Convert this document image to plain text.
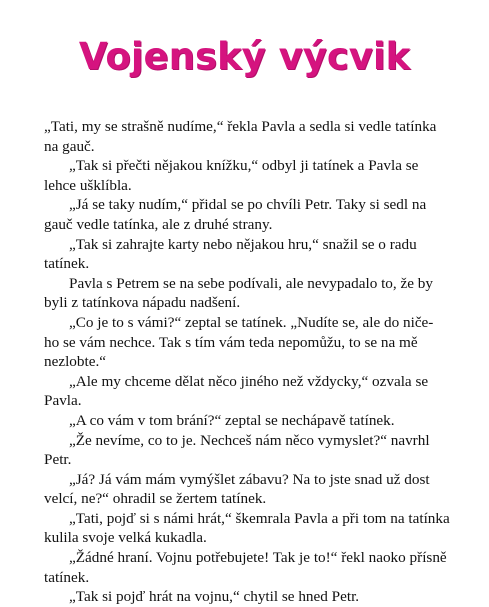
Vojenský výcvik

„Tati, my se strašně nudíme,“ řekla Pavla a sedla si vedle tatínka

na gauč.

„Tak si přečti nějakou knížku,“ odbyl ji tatínek a Pavla se

lehce ušklíbla.

„Já se taky nudím,“ přidal se po chvíli Petr. Taky si sedl na

gauč vedle tatínka, ale z druhé strany.

„Tak si zahrajte karty nebo nějakou hru,“ snažil se o radu

tatínek.

Pavla s Petrem se na sebe podívali, ale nevypadalo to, že by

byli z tatínkova nápadu nadšení.

„Co je to s vámi?“ zeptal se tatínek. „Nudíte se, ale do niče-

ho se vám nechce. Tak s tím vám teda nepomůžu, to se na mě

nezlobte.“

„Ale my chceme dělat něco jiného než vždycky,“ ozvala se

Pavla.

„A co vám v tom brání?“ zeptal se nechápavě tatínek.

„Že nevíme, co to je. Nechceš nám něco vymyslet?“ navrhl

Petr.

„Já? Já vám mám vymýšlet zábavu? Na to jste snad už dost

velcí, ne?“ ohradil se žertem tatínek.

„Tati, pojď si s námi hrát,“ škemrala Pavla a při tom na tatínka

kulila svoje velká kukadla.

„Žádné hraní. Vojnu potřebujete! Tak je to!“ řekl naoko přísně

tatínek.

„Tak si pojď hrát na vojnu,“ chytil se hned Petr.
